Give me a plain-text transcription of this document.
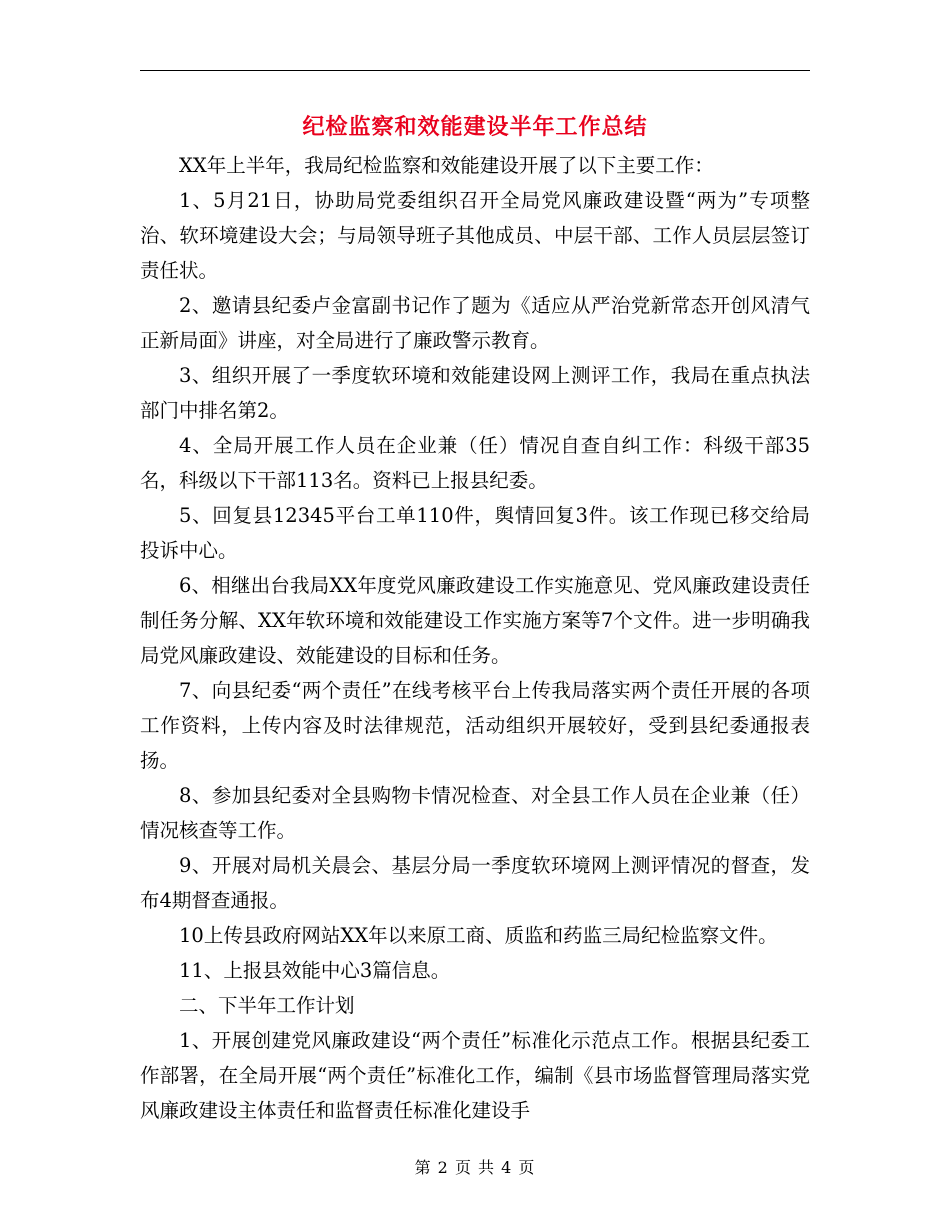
纪检监察和效能建设半年工作总结

XX年上半年，我局纪检监察和效能建设开展了以下主要工作：

1、5月21日，协助局党委组织召开全局党风廉政建设暨“两为”专项整治、软环境建设大会；与局领导班子其他成员、中层干部、工作人员层层签订责任状。

2、邀请县纪委卢金富副书记作了题为《适应从严治党新常态开创风清气正新局面》讲座，对全局进行了廉政警示教育。

3、组织开展了一季度软环境和效能建设网上测评工作，我局在重点执法部门中排名第2。

4、全局开展工作人员在企业兼（任）情况自查自纠工作：科级干部35名，科级以下干部113名。资料已上报县纪委。

5、回复县12345平台工单110件，舆情回复3件。该工作现已移交给局投诉中心。

6、相继出台我局XX年度党风廉政建设工作实施意见、党风廉政建设责任制任务分解、XX年软环境和效能建设工作实施方案等7个文件。进一步明确我局党风廉政建设、效能建设的目标和任务。

7、向县纪委“两个责任”在线考核平台上传我局落实两个责任开展的各项工作资料，上传内容及时法律规范，活动组织开展较好，受到县纪委通报表扬。

8、参加县纪委对全县购物卡情况检查、对全县工作人员在企业兼（任）情况核查等工作。

9、开展对局机关晨会、基层分局一季度软环境网上测评情况的督查，发布4期督查通报。

10上传县政府网站XX年以来原工商、质监和药监三局纪检监察文件。

11、上报县效能中心3篇信息。

二、下半年工作计划

1、开展创建党风廉政建设“两个责任”标准化示范点工作。根据县纪委工作部署，在全局开展“两个责任”标准化工作，编制《县市场监督管理局落实党风廉政建设主体责任和监督责任标准化建设手

第 2 页 共 4 页
